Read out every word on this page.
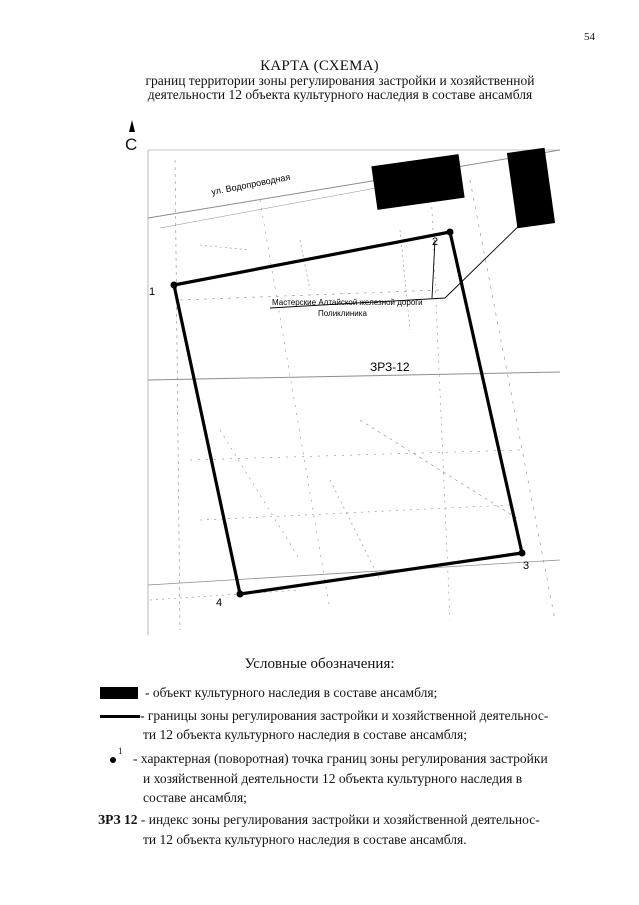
54
КАРТА (СХЕМА)
границ территории зоны регулирования застройки и хозяйственной
деятельности 12 объекта культурного наследия в составе ансамбля
С
1
2
3
4
ул. Водопроводная
Мастерские Алтайской железной дороги
Поликлиника
ЗРЗ-12
Условные обозначения:
- объект культурного наследия в составе ансамбля;
- границы зоны регулирования застройки и хозяйственной деятельнос-
ти 12 объекта культурного наследия в составе ансамбля;
1 - характерная (поворотная) точка границ зоны регулирования застройки
и хозяйственной деятельности 12 объекта культурного наследия в
составе ансамбля;
ЗРЗ 12 - индекс зоны регулирования застройки и хозяйственной деятельнос-
ти 12 объекта культурного наследия в составе ансамбля.
